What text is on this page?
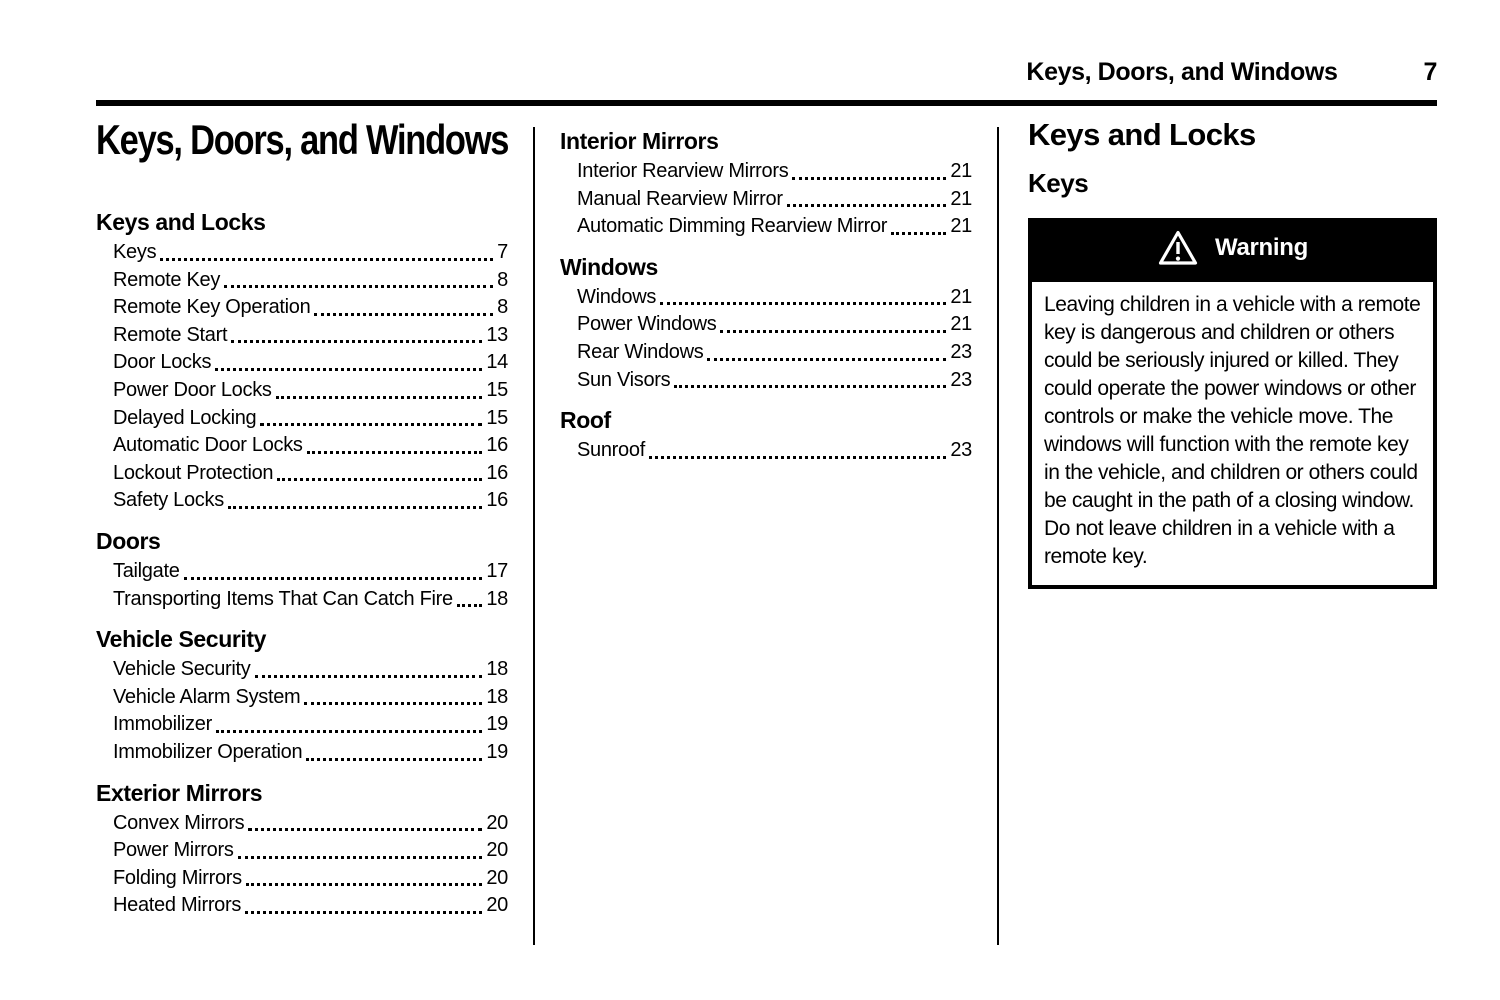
Keys, Doors, and Windows	7
Keys, Doors, and Windows
Keys and Locks
Keys	7
Remote Key	8
Remote Key Operation	8
Remote Start	13
Door Locks	14
Power Door Locks	15
Delayed Locking	15
Automatic Door Locks	16
Lockout Protection	16
Safety Locks	16
Doors
Tailgate	17
Transporting Items That Can Catch Fire 18
Vehicle Security
Vehicle Security	18
Vehicle Alarm System	18
Immobilizer	19
Immobilizer Operation	19
Exterior Mirrors
Convex Mirrors	20
Power Mirrors	20
Folding Mirrors	20
Heated Mirrors	20
Interior Mirrors
Interior Rearview Mirrors	21
Manual Rearview Mirror	21
Automatic Dimming Rearview Mirror	21
Windows
Windows	21
Power Windows	21
Rear Windows	23
Sun Visors	23
Roof
Sunroof	23
Keys and Locks
Keys
Warning

Leaving children in a vehicle with a remote key is dangerous and children or others could be seriously injured or killed. They could operate the power windows or other controls or make the vehicle move. The windows will function with the remote key in the vehicle, and children or others could be caught in the path of a closing window. Do not leave children in a vehicle with a remote key.
